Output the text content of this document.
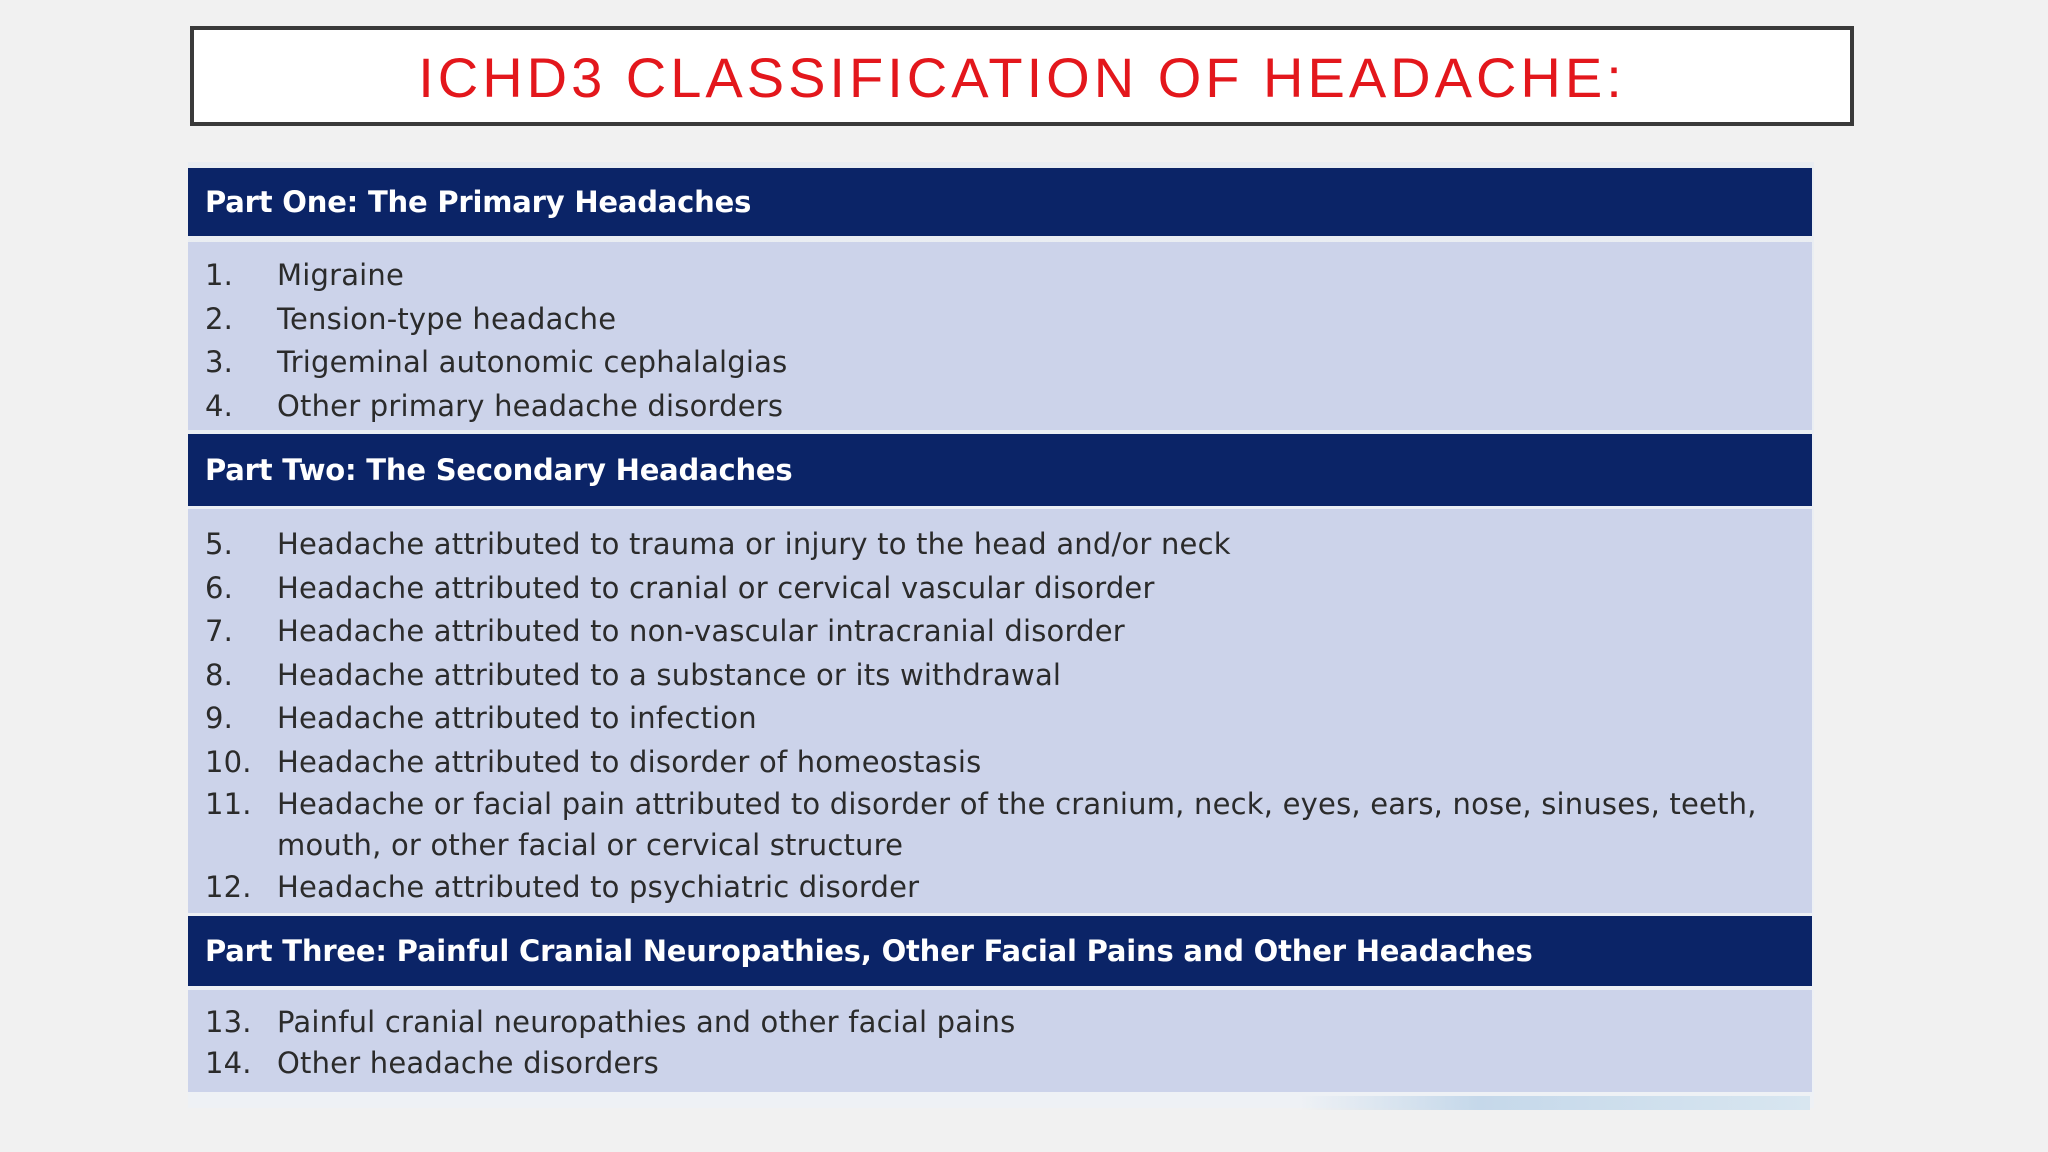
ICHD3 CLASSIFICATION OF HEADACHE:
Part One: The Primary Headaches
1.	Migraine
2.	Tension-type headache
3.	Trigeminal autonomic cephalalgias
4.	Other primary headache disorders
Part Two: The Secondary Headaches
5.	Headache attributed to trauma or injury to the head and/or neck
6.	Headache attributed to cranial or cervical vascular disorder
7.	Headache attributed to non-vascular intracranial disorder
8.	Headache attributed to a substance or its withdrawal
9.	Headache attributed to infection
10. Headache attributed to disorder of homeostasis
11. Headache or facial pain attributed to disorder of the cranium, neck, eyes, ears, nose, sinuses, teeth, mouth, or other facial or cervical structure
12. Headache attributed to psychiatric disorder
Part Three: Painful Cranial Neuropathies, Other Facial Pains and Other Headaches
13. Painful cranial neuropathies and other facial pains
14. Other headache disorders
